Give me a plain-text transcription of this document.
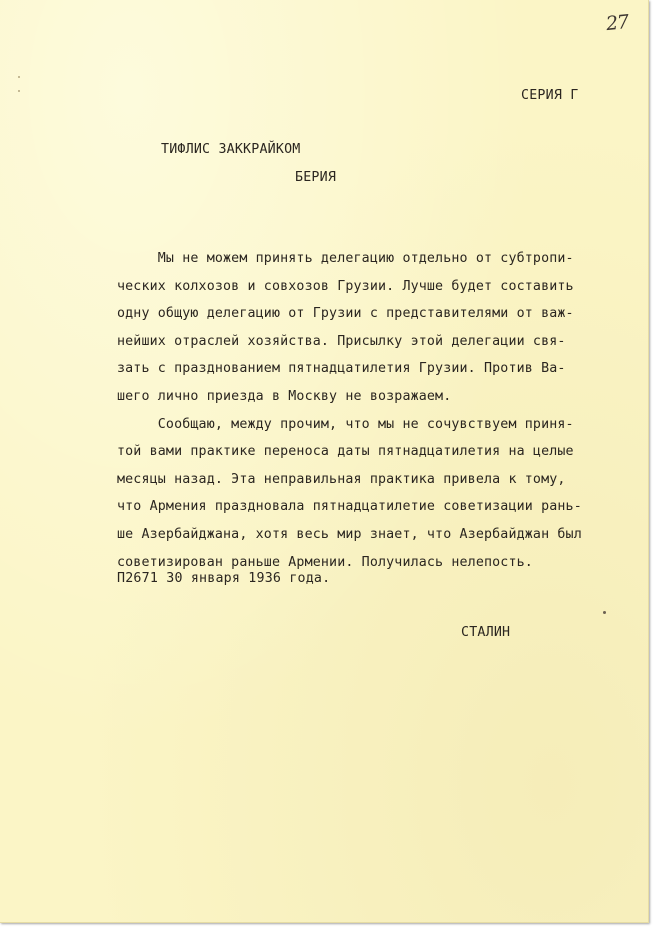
27
СЕРИЯ Г
ТИФЛИС ЗАККРАЙКОМ
БЕРИЯ
Мы не можем принять делегацию отдельно от субтропи-
ческих колхозов и совхозов Грузии. Лучше будет составить
одну общую делегацию от Грузии с представителями от важ-
нейших отраслей хозяйства. Присылку этой делегации свя-
зать с празднованием пятнадцатилетия Грузии. Против Ва-
шего лично приезда в Москву не возражаем.
Сообщаю, между прочим, что мы не сочувствуем приня-
той вами практике переноса даты пятнадцатилетия на целые
месяцы назад. Эта неправильная практика привела к тому,
что Армения праздновала пятнадцатилетие советизации рань-
ше Азербайджана, хотя весь мир знает, что Азербайджан был
советизирован раньше Армении. Получилась нелепость.
П2671 30 января 1936 года.
СТАЛИН
